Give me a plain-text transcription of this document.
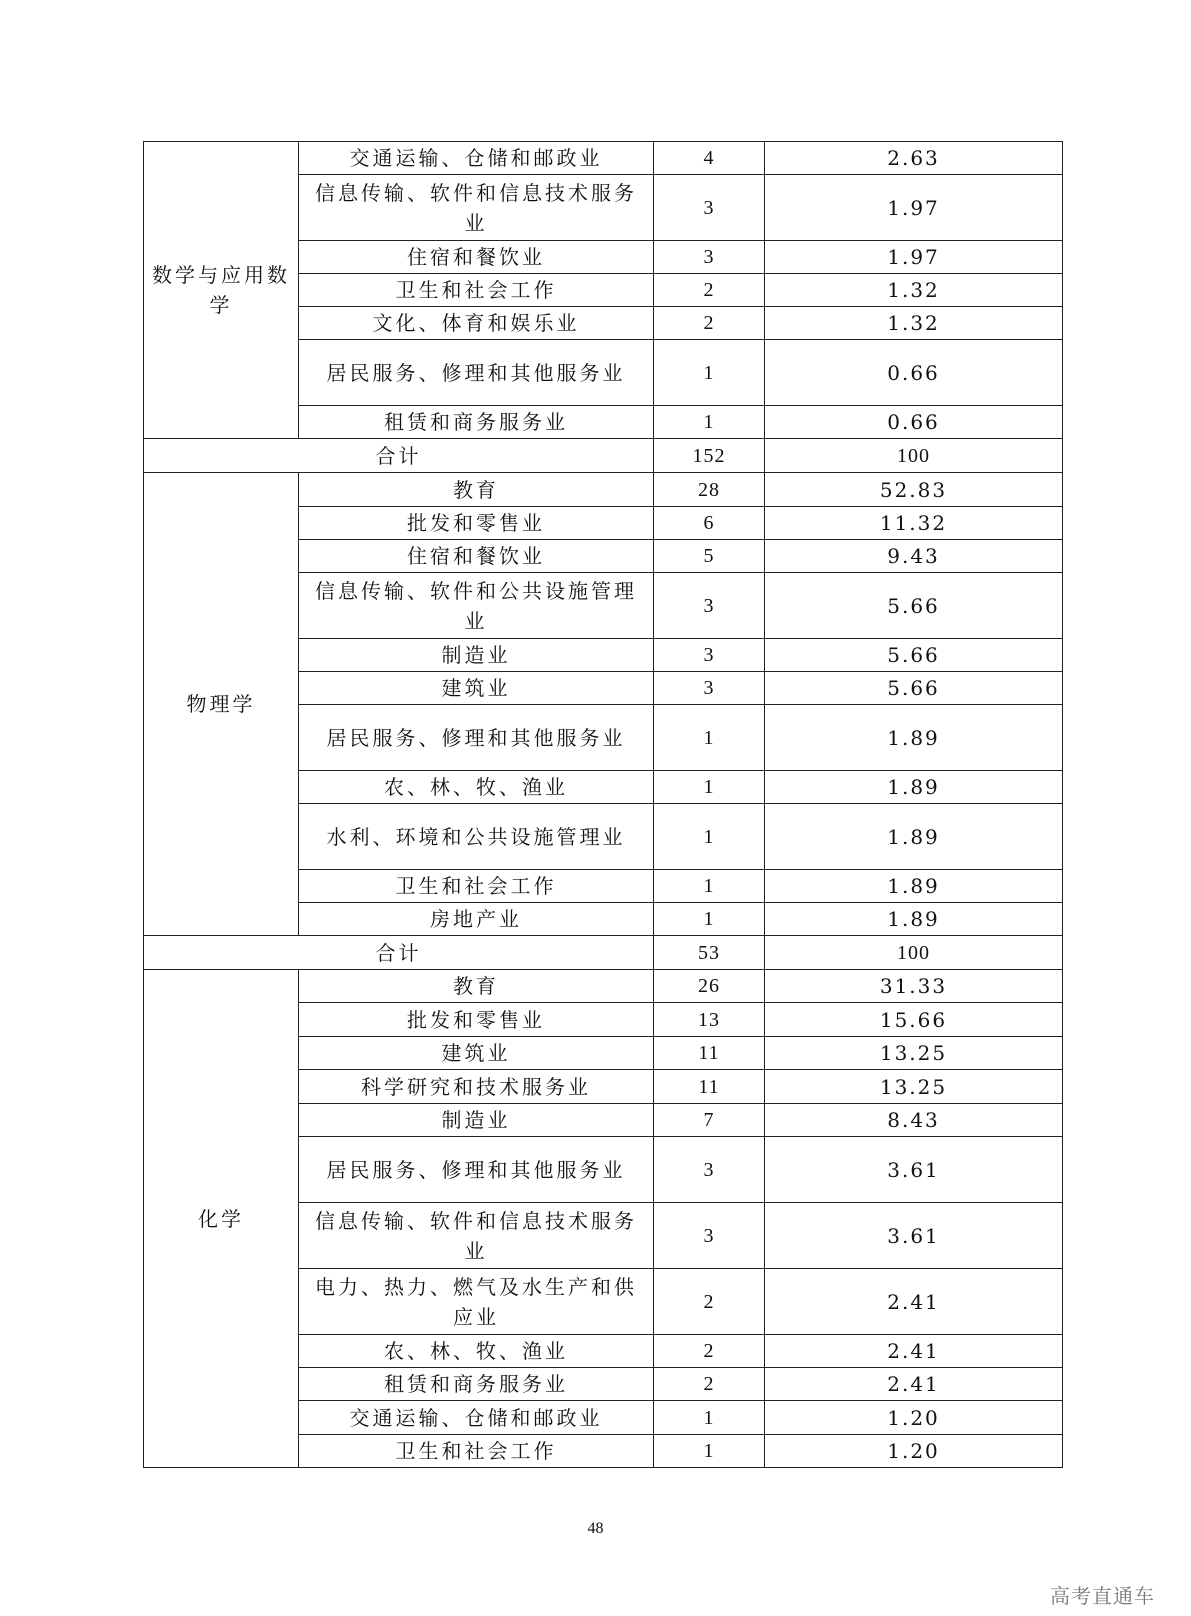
数学与应用数学	交通运输、仓储和邮政业	4	2.63
	信息传输、软件和信息技术服务业	3	1.97
	住宿和餐饮业	3	1.97
	卫生和社会工作	2	1.32
	文化、体育和娱乐业	2	1.32
	居民服务、修理和其他服务业	1	0.66
	租赁和商务服务业	1	0.66
合计		152	100
物理学	教育	28	52.83
	批发和零售业	6	11.32
	住宿和餐饮业	5	9.43
	信息传输、软件和公共设施管理业	3	5.66
	制造业	3	5.66
	建筑业	3	5.66
	居民服务、修理和其他服务业	1	1.89
	农、林、牧、渔业	1	1.89
	水利、环境和公共设施管理业	1	1.89
	卫生和社会工作	1	1.89
	房地产业	1	1.89
合计		53	100
化学	教育	26	31.33
	批发和零售业	13	15.66
	建筑业	11	13.25
	科学研究和技术服务业	11	13.25
	制造业	7	8.43
	居民服务、修理和其他服务业	3	3.61
	信息传输、软件和信息技术服务业	3	3.61
	电力、热力、燃气及水生产和供应业	2	2.41
	农、林、牧、渔业	2	2.41
	租赁和商务服务业	2	2.41
	交通运输、仓储和邮政业	1	1.20
	卫生和社会工作	1	1.20
48
高考直通车
